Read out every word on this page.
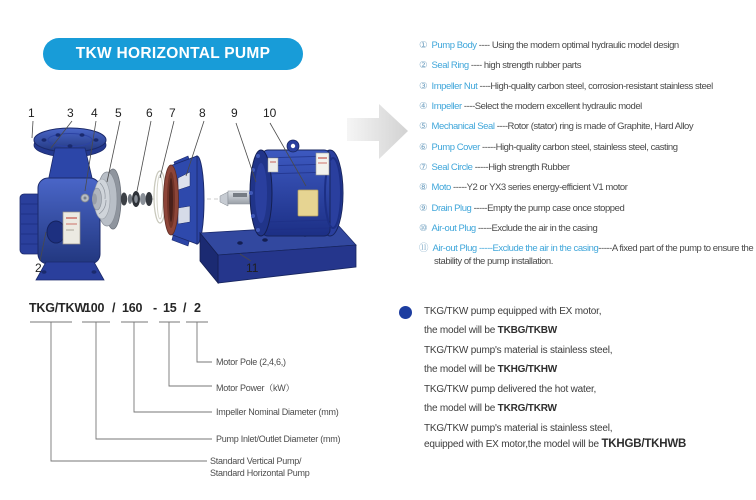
TKW HORIZONTAL PUMP
1
2
3 4 5 6 7 8 9 10
11
① Pump Body ---- Using the modern optimal hydraulic model design
② Seal Ring ---- high strength rubber parts
③ Impeller Nut ----High-quality carbon steel, corrosion-resistant stainless steel
④ Impeller ----Select the modern excellent hydraulic model
⑤ Mechanical Seal ----Rotor (stator) ring is made of Graphite, Hard Alloy
⑥ Pump Cover -----High-quality carbon steel, stainless steel, casting
⑦ Seal Circle -----High strength Rubber
⑧ Moto -----Y2 or YX3 series energy-efficient V1 motor
⑨ Drain Plug -----Empty the pump case once stopped
⑩ Air-out Plug -----Exclude the air in the casing
⑪ Air-out Plug -----Exclude the air in the casing-----A fixed part of the pump to ensure the stability of the pump installation.
TKG/TKW
100 / 160 - 15 / 2
Motor Pole (2,4,6,)
Motor Power（kW）
Impeller Nominal Diameter (mm)
Pump Inlet/Outlet Diameter (mm)
Standard Vertical Pump/
Standard Horizontal Pump
TKG/TKW pump equipped with EX motor,
the model will be TKBG/TKBW
TKG/TKW pump's material is stainless steel,
the model will be TKHG/TKHW
TKG/TKW pump delivered the hot water,
the model will be TKRG/TKRW
TKG/TKW pump's material is stainless steel,
equipped with EX motor,the model will be TKHGB/TKHWB
